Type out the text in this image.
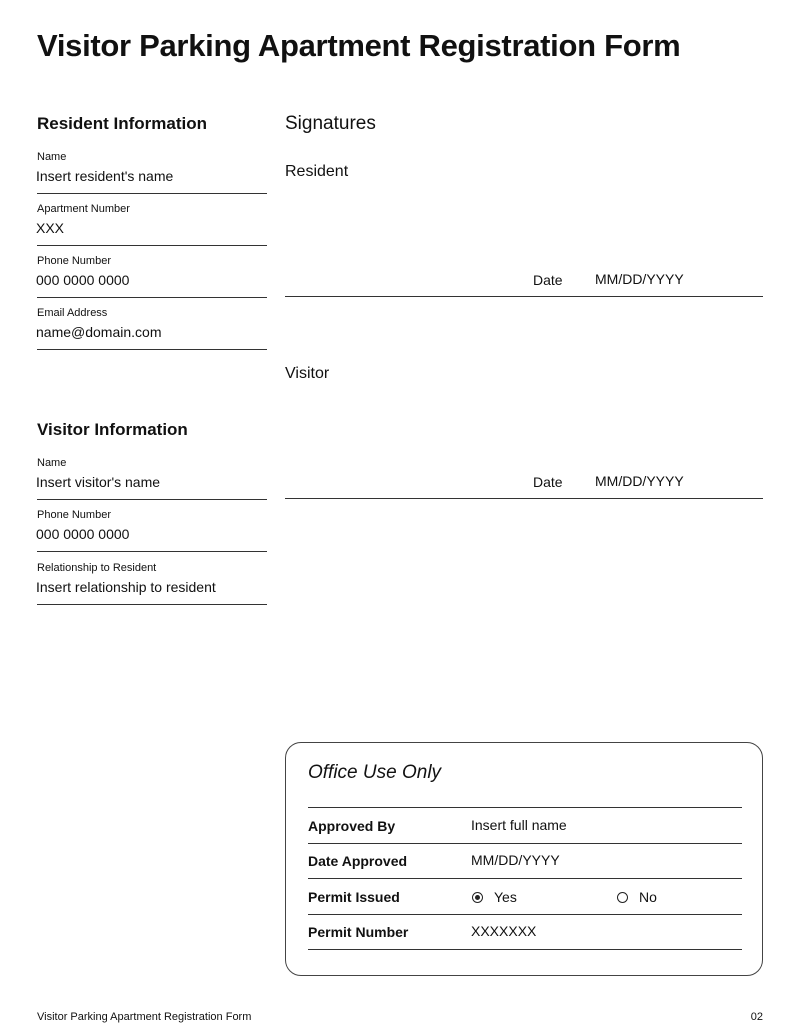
Visitor Parking Apartment Registration Form
Resident Information
Name
Insert resident's name
Apartment Number
XXX
Phone Number
000 0000 0000
Email Address
name@domain.com
Visitor Information
Name
Insert visitor's name
Phone Number
000 0000 0000
Relationship to Resident
Insert relationship to resident
Signatures
Resident
Date MM/DD/YYYY
Visitor
Date MM/DD/YYYY
Office Use Only
Approved By	Insert full name
Date Approved	MM/DD/YYYY
Permit Issued	Yes	No
Permit Number	XXXXXXX
Visitor Parking Apartment Registration Form	02
